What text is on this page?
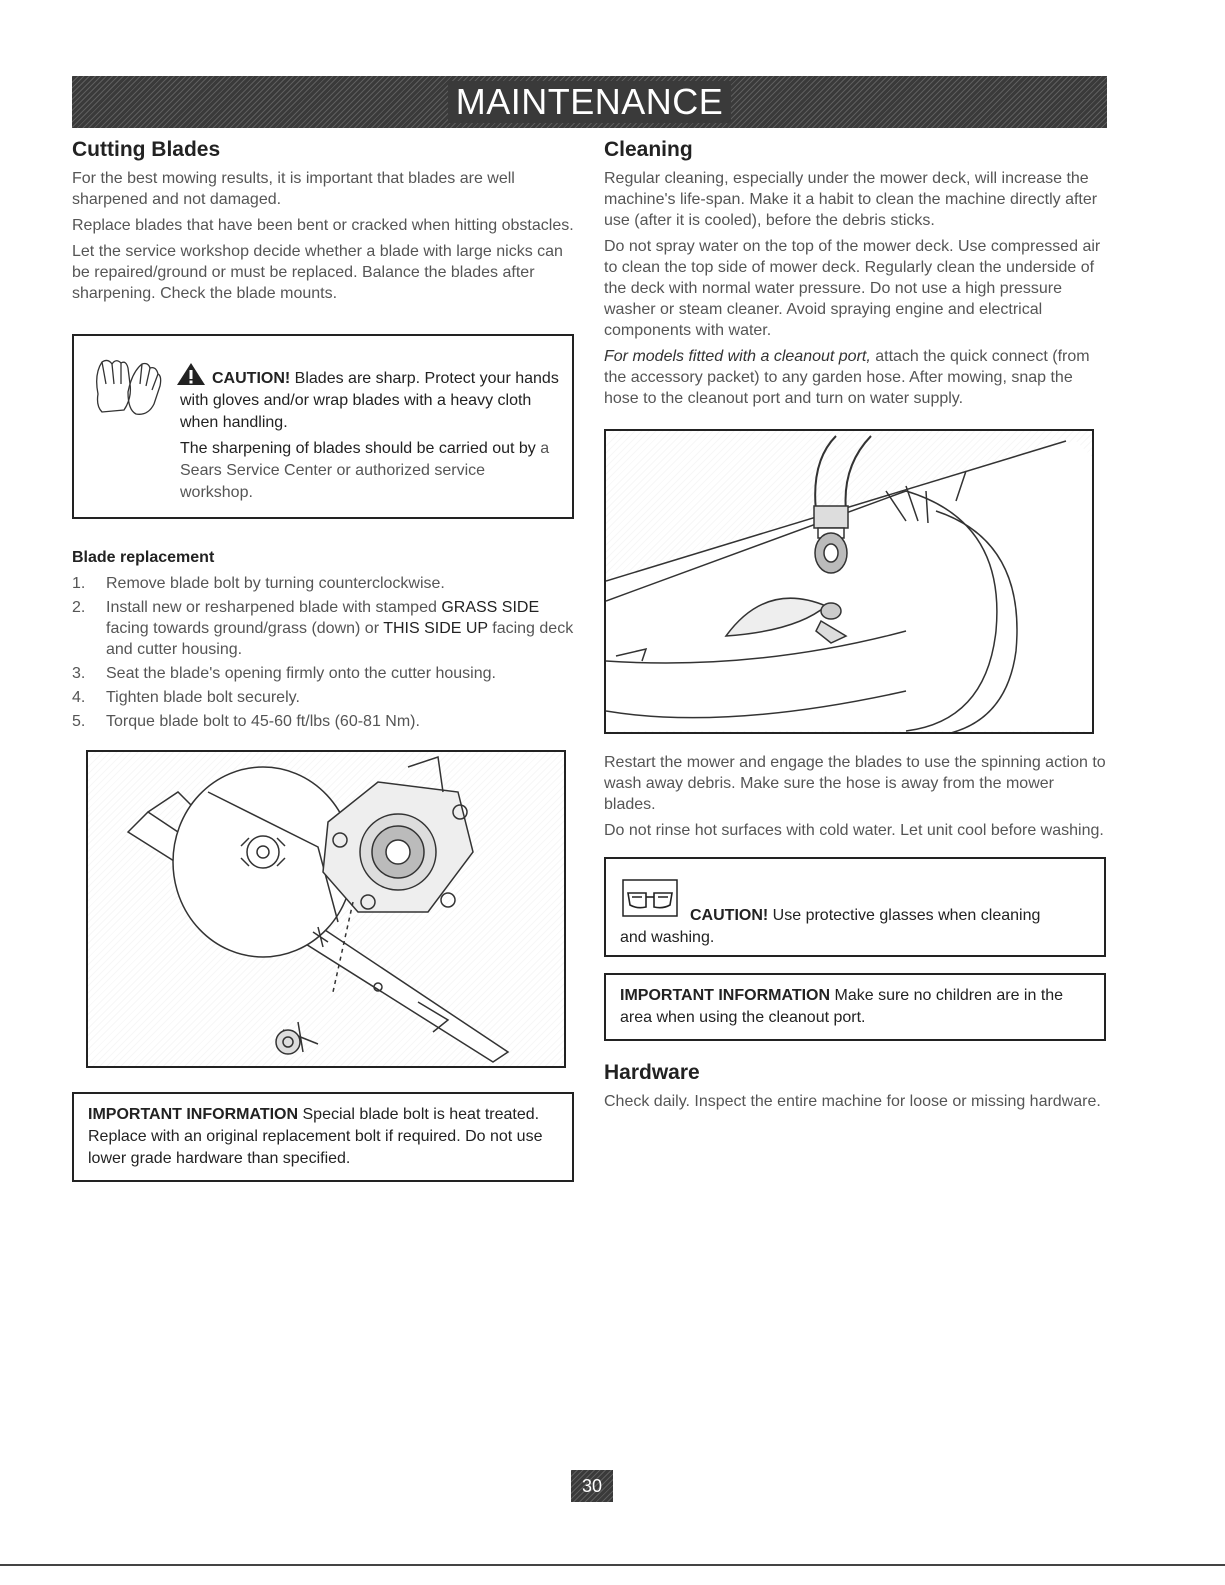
MAINTENANCE
Cutting Blades

For the best mowing results, it is important that blades are well sharpened and not damaged.

Replace blades that have been bent or cracked when hitting obstacles.

Let the service workshop decide whether a blade with large nicks can be repaired/ground or must be replaced. Balance the blades after sharpening. Check the blade mounts.

CAUTION! Blades are sharp. Protect your hands with gloves and/or wrap blades with a heavy cloth when handling.
The sharpening of blades should be carried out by a Sears Service Center or authorized service workshop.
Blade replacement
1. Remove blade bolt by turning counterclockwise.
2. Install new or resharpened blade with stamped GRASS SIDE facing towards ground/grass (down) or THIS SIDE UP facing deck and cutter housing.
3. Seat the blade's opening firmly onto the cutter housing.
4. Tighten blade bolt securely.
5. Torque blade bolt to 45-60 ft/lbs (60-81 Nm).
IMPORTANT INFORMATION Special blade bolt is heat treated. Replace with an original replacement bolt if required. Do not use lower grade hardware than specified.
Cleaning

Regular cleaning, especially under the mower deck, will increase the machine's life-span. Make it a habit to clean the machine directly after use (after it is cooled), before the debris sticks.

Do not spray water on the top of the mower deck. Use compressed air to clean the top side of mower deck. Regularly clean the underside of the deck with normal water pressure. Do not use a high pressure washer or steam cleaner. Avoid spraying engine and electrical components with water.

For models fitted with a cleanout port, attach the quick connect (from the accessory packet) to any garden hose. After mowing, snap the hose to the cleanout port and turn on water supply.

Restart the mower and engage the blades to use the spinning action to wash away debris. Make sure the hose is away from the mower blades.

Do not rinse hot surfaces with cold water. Let unit cool before washing.

CAUTION! Use protective glasses when cleaning
and washing.
IMPORTANT INFORMATION Make sure no children are in the area when using the cleanout port.
Hardware

Check daily. Inspect the entire machine for loose or missing hardware.

30
